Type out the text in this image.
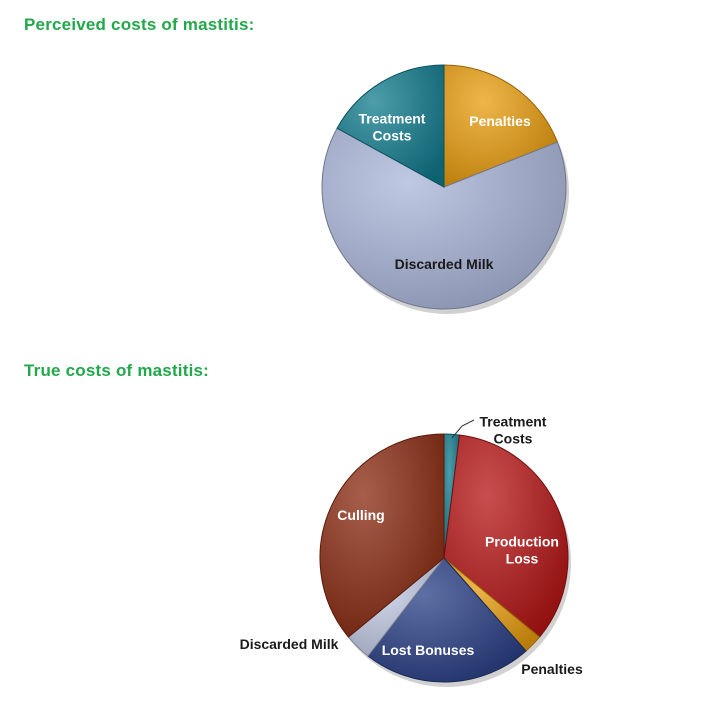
Perceived costs of mastitis:
True costs of mastitis:
Penalties
Discarded Milk
Treatment Costs
Treatment Costs
Production Loss
Penalties
Lost Bonuses
Discarded Milk
Culling
